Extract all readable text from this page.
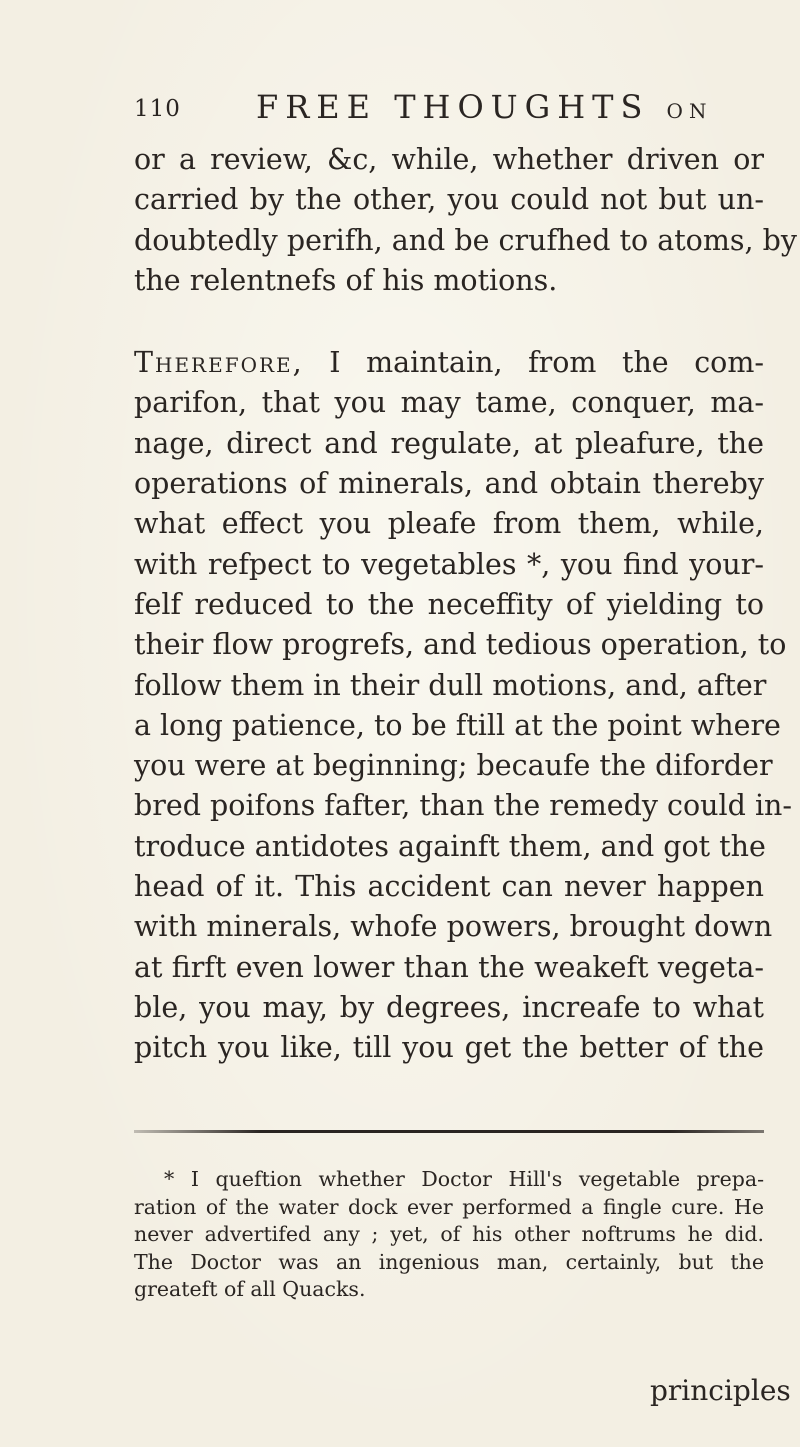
110 FREE THOUGHTS ON
or a review, &c, while, whether driven or
carried by the other, you could not but un-
doubtedly perifh, and be crufhed to atoms, by
the relentnefs of his motions.
Therefore, I maintain, from the com-
parifon, that you may tame, conquer, ma-
nage, direct and regulate, at pleafure, the
operations of minerals, and obtain thereby
what effect you pleafe from them, while,
with refpect to vegetables *, you find your-
felf reduced to the neceffity of yielding to
their flow progrefs, and tedious operation, to
follow them in their dull motions, and, after
a long patience, to be ftill at the point where
you were at beginning; becaufe the diforder
bred poifons fafter, than the remedy could in-
troduce antidotes againft them, and got the
head of it. This accident can never happen
with minerals, whofe powers, brought down
at firft even lower than the weakeft vegeta-
ble, you may, by degrees, increafe to what
pitch you like, till you get the better of the
* I queftion whether Doctor Hill's vegetable prepa-
ration of the water dock ever performed a fingle cure. He
never advertifed any ; yet, of his other noftrums he did.
The Doctor was an ingenious man, certainly, but the
greateft of all Quacks.
principles
